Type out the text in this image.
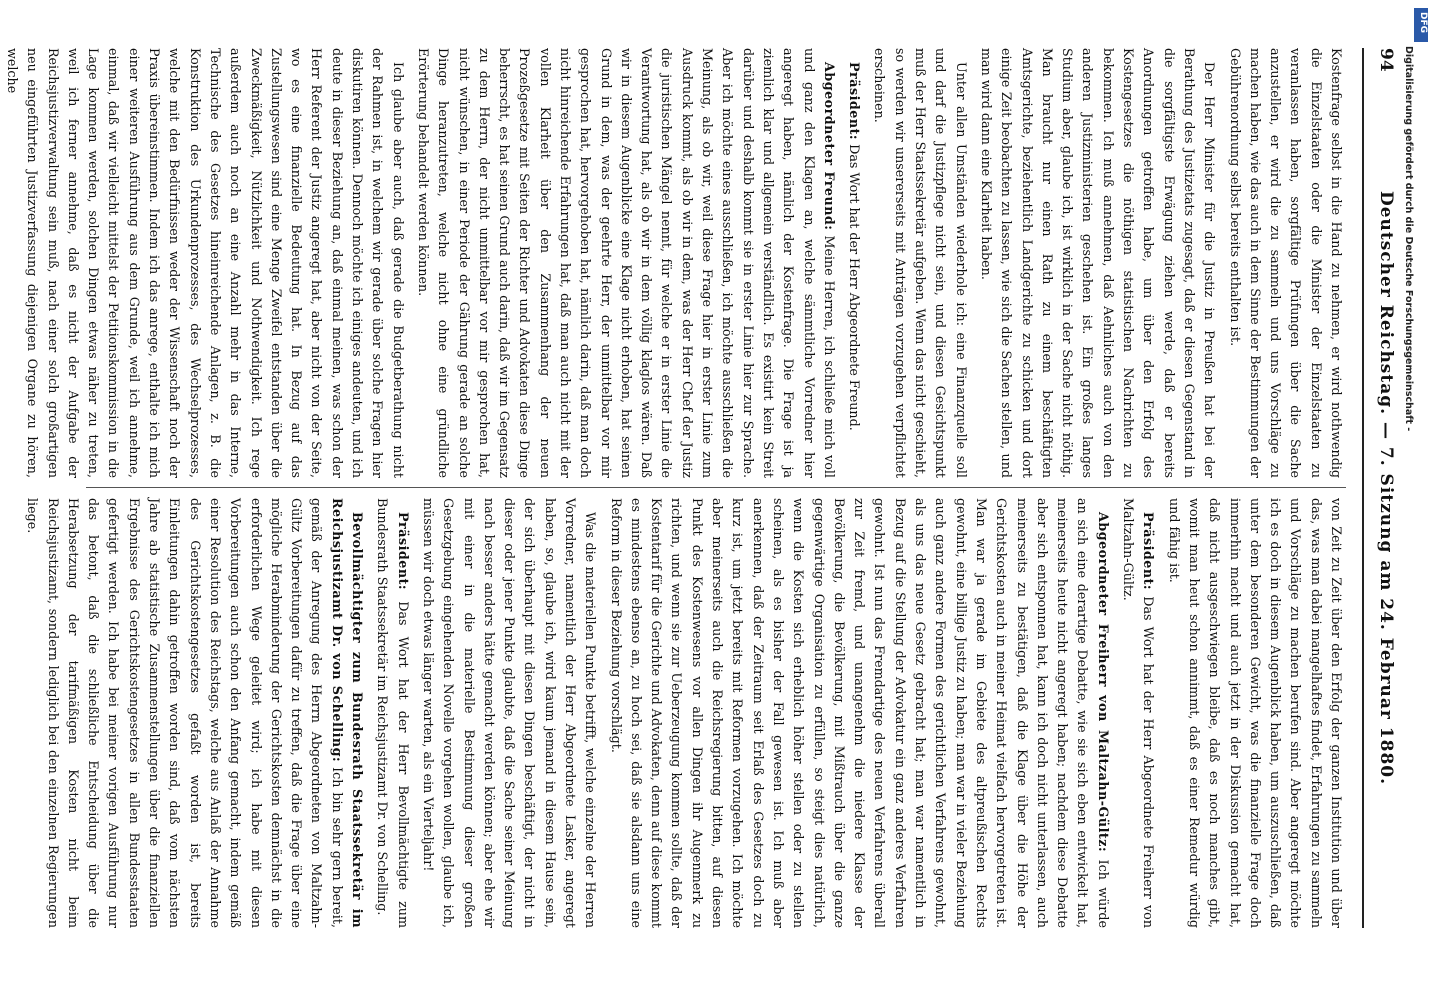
94
Deutscher Reichstag. — 7. Sitzung am 24. Februar 1880.

Kostenfrage selbst in die Hand zu nehmen, er wird nothwendig die Einzelstaaten oder die Minister der Einzelstaaten zu veranlassen haben, sorgfältige Prüfungen über die Sache anzustellen, er wird die zu sammeln und uns Vorschläge zu machen haben, wie das auch in dem Sinne der Bestimmungen der Gebührenordnung selbst bereits enthalten ist.

Der Herr Minister für die Justiz in Preußen hat bei der Berathung des Justizetats zugesagt, daß er diesen Gegenstand in die sorgfältigste Erwägung ziehen werde, daß er bereits Anordnungen getroffen habe, um über den Erfolg des Kostengesetzes die nöthigen statistischen Nachrichten zu bekommen. Ich muß annehmen, daß Aehnliches auch von den anderen Justizministerien geschehen ist. Ein großes langes Studium aber, glaube ich, ist wirklich in der Sache nicht nöthig. Man braucht nur einen Rath zu einem beschäftigten Amtsgerichte, beziehentlich Landgerichte zu schicken und dort einige Zeit beobachten zu lassen, wie sich die Sachen stellen, und man wird dann eine Klarheit haben.

Unter allen Umständen wiederhole ich: eine Finanzquelle soll und darf die Justizpflege nicht sein, und diesen Gesichtspunkt muß der Herr Staatssekretär aufgeben. Wenn das nicht geschieht, so werden wir unsererseits mit Anträgen vorzugehen verpflichtet erscheinen.

Präsident: Das Wort hat der Herr Abgeordnete Freund.

Abgeordneter Freund: Meine Herren, ich schließe mich voll und ganz den Klagen an, welche sämmtliche Vorredner hier angeregt haben, nämlich der Kostenfrage. Die Frage ist ja ziemlich klar und allgemein verständlich. Es existirt kein Streit darüber und deshalb kommt sie in erster Linie hier zur Sprache. Aber ich möchte eines ausschließen, ich möchte ausschließen die Meinung, als ob wir, weil diese Frage hier in erster Linie zum Ausdruck kommt, als ob wir in dem, was der Herr Chef der Justiz die juristischen Mängel nennt, für welche er in erster Linie die Verantwortung hat, als ob wir in dem völlig klaglos wären. Daß wir in diesem Augenblicke eine Klage nicht erhoben, hat seinen Grund in dem, was der geehrte Herr, der unmittelbar vor mir gesprochen hat, hervorgehoben hat, nämlich darin, daß man doch nicht hinreichende Erfahrungen hat, daß man auch nicht mit der vollen Klarheit über den Zusammenhang der neuen Prozeßgesetze mit Seiten der Richter und Advokaten diese Dinge beherrscht, es hat seinen Grund auch darin, daß wir im Gegensatz zu dem Herrn, der nicht unmittelbar vor mir gesprochen hat, nicht wünschen, in einer Periode der Gährung gerade an solche Dinge heranzutreten, welche nicht ohne eine gründliche Erörterung behandelt werden können.

Ich glaube aber auch, daß gerade die Budgetberathung nicht der Rahmen ist, in welchem wir gerade über solche Fragen hier diskutiren können. Dennoch möchte ich einiges andeuten, und ich deute in dieser Beziehung an, daß einmal meinen, was schon der Herr Referent der Justiz angeregt hat, aber nicht von der Seite, wo es eine finanzielle Bedeutung hat. In Bezug auf das Zustellungswesen sind eine Menge Zweifel entstanden über die Zweckmäßigkeit, Nützlichkeit und Nothwendigkeit. Ich rege außerdem auch noch an eine Anzahl mehr in das Interne, Technische des Gesetzes hineinreichende Anlagen, z. B. die Konstruktion des Urkundenprozesses, des Wechselprozesses, welche mit den Bedürfnissen weder der Wissenschaft noch der Praxis übereinstimmen. Indem ich das anrege, enthalte ich mich einer weiteren Ausführung aus dem Grunde, weil ich annehme, einmal, daß wir vielleicht mittelst der Petitionskommission in die Lage kommen werden, solchen Dingen etwas näher zu treten, weil ich ferner annehme, daß es nicht der Aufgabe der Reichsjustizverwaltung sein muß, nach einer solch großartigen neu eingeführten Justizverfassung diejenigen Organe zu hören, welche

von Zeit zu Zeit über den Erfolg der ganzen Institution und über das, was man dabei mangelhaftes findet, Erfahrungen zu sammeln und Vorschläge zu machen berufen sind. Aber angeregt möchte ich es doch in diesem Augenblick haben, um auszuschließen, daß unter dem besonderen Gewicht, was die finanzielle Frage doch immerhin macht und auch jetzt in der Diskussion gemacht hat, daß nicht ausgeschwiegen bleibe, daß es noch manches gibt, womit man heut schon annimmt, daß es einer Remedur würdig und fähig ist.

Präsident: Das Wort hat der Herr Abgeordnete Freiherr von Maltzahn-Gültz.

Abgeordneter Freiherr von Maltzahn-Gültz: Ich würde an sich eine derartige Debatte, wie sie sich eben entwickelt hat, meinerseits heute nicht angeregt haben; nachdem diese Debatte aber sich entsponnen hat, kann ich doch nicht unterlassen, auch meinerseits zu bestätigen, daß die Klage über die Höhe der Gerichtskosten auch in meiner Heimat vielfach hervorgetreten ist. Man war ja gerade im Gebiete des altpreußischen Rechts gewohnt, eine billige Justiz zu haben; man war in vieler Beziehung auch ganz andere Formen des gerichtlichen Verfahrens gewohnt, als uns das neue Gesetz gebracht hat; man war namentlich in Bezug auf die Stellung der Advokatur ein ganz anderes Verfahren gewohnt. Ist nun das Fremdartige des neuen Verfahrens überall zur Zeit fremd, und unangenehm die niedere Klasse der Bevölkerung, die Bevölkerung, mit Mißtrauch über die ganze gegenwärtige Organisation zu erfüllen, so steigt dies natürlich, wenn die Kosten sich erheblich höher stellen oder zu stellen scheinen, als es bisher der Fall gewesen ist. Ich muß aber anerkennen, daß der Zeitraum seit Erlaß des Gesetzes doch zu kurz ist, um jetzt bereits mit Reformen vorzugehen. Ich möchte aber meinerseits auch die Reichsregierung bitten, auf diesen Punkt des Kostenwesens vor allen Dingen ihr Augenmerk zu richten, und wenn sie zur Ueberzeugung kommen sollte, daß der Kostentarif für die Gerichte und Advokaten, denn auf diese kommt es mindestens ebenso an, zu hoch sei, daß sie alsdann uns eine Reform in dieser Beziehung vorschlägt.

Was die materiellen Punkte betrifft, welche einzelne der Herren Vorredner, namentlich der Herr Abgeordnete Lasker, angeregt haben, so, glaube ich, wird kaum jemand in diesem Hause sein, der sich überhaupt mit diesen Dingen beschäftigt, der nicht in dieser oder jener Punkte glaubte, daß die Sache seiner Meinung nach besser anders hätte gemacht werden können; aber ehe wir mit einer in die materielle Bestimmung dieser großen Gesetzgebung eingehenden Novelle vorgehen wollen, glaube ich, müssen wir doch etwas länger warten, als ein Vierteljahr!

Präsident: Das Wort hat der Herr Bevollmächtigte zum Bundesrath Staatssekretär im Reichsjustizamt Dr. von Schelling.

Bevollmächtigter zum Bundesrath Staatssekretär im Reichsjustizamt Dr. von Schelling: Ich bin sehr gern bereit, gemäß der Anregung des Herrn Abgeordneten von Maltzahn-Gültz Vorbereitungen dafür zu treffen, daß die Frage über eine mögliche Herabminderung der Gerichtskosten demnächst in die erforderlichen Wege geleitet wird; ich habe mit diesen Vorbereitungen auch schon den Anfang gemacht, indem gemäß einer Resolution des Reichstags, welche aus Anlaß der Annahme des Gerichtskostengesetzes gefaßt worden ist, bereits Einleitungen dahin getroffen worden sind, daß vom nächsten Jahre ab statistische Zusammenstellungen über die finanziellen Ergebnisse des Gerichtskostengesetzes in allen Bundesstaaten gefertigt werden. Ich habe bei meiner vorigen Ausführung nur das betont, daß die schließliche Entscheidung über die Herabsetzung der tarifmäßigen Kosten nicht beim Reichsjustizamt, sondern lediglich bei den einzelnen Regierungen liege.

DFG
Digitalisierung gefördert durch die Deutsche Forschungsgemeinschaft -
